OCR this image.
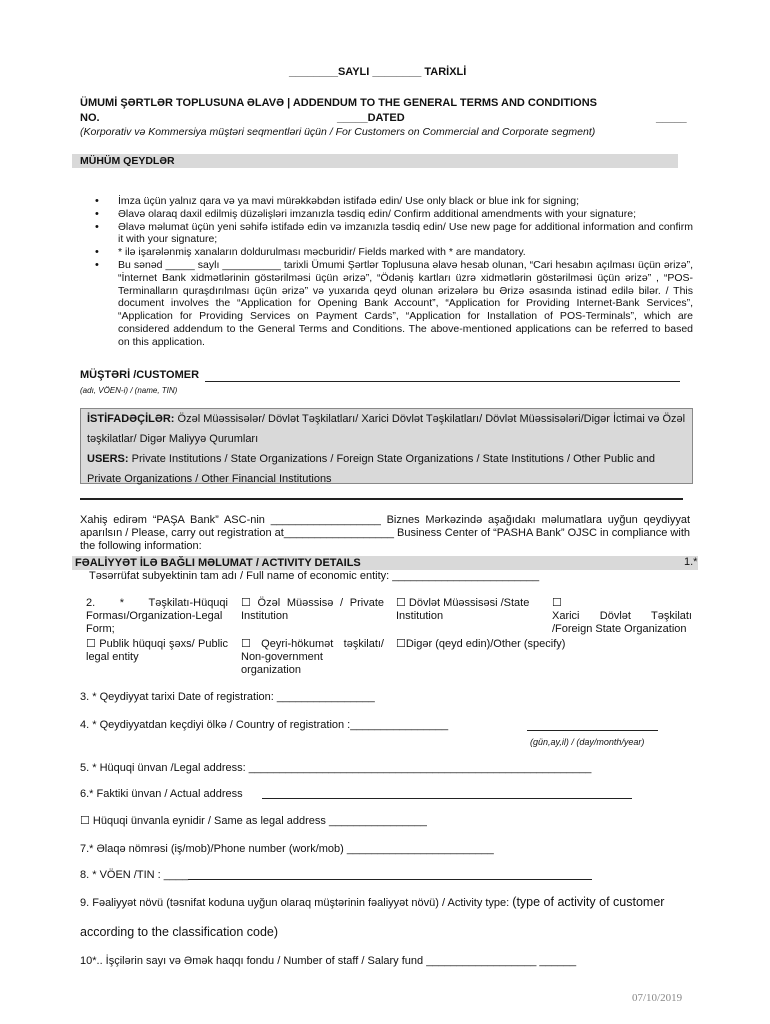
________SAYLI ________ TARİXLİ
ÜMUMİ ŞƏRTLƏR TOPLUSUNA ƏLAVƏ | ADDENDUM TO THE GENERAL TERMS AND CONDITIONS
NO.	_____DATED	_____
(Korporativ və Kommersiya müştəri seqmentləri üçün / For Customers on Commercial and Corporate segment)
MÜHÜM QEYDLƏR
• İmza üçün yalnız qara və ya mavi mürəkkəbdən istifadə edin/ Use only black or blue ink for signing;
• Əlavə olaraq daxil edilmiş düzəlişləri imzanızla təsdiq edin/ Confirm additional amendments with your signature;
• Əlavə məlumat üçün yeni səhifə istifadə edin və imzanızla təsdiq edin/ Use new page for additional information and confirm it with your signature;
• * ilə işarələnmiş xanaların doldurulması məcburidir/ Fields marked with * are mandatory.
• Bu sənəd _____ saylı __________ tarixli Ümumi Şərtlər Toplusuna əlavə hesab olunan, “Cari hesabın açılması üçün ərizə”, “İnternet Bank xidmətlərinin göstərilməsi üçün ərizə”, “Ödəniş kartları üzrə xidmətlərin göstərilməsi üçün ərizə” , “POS-Terminalların quraşdırılması üçün ərizə” və yuxarıda qeyd olunan ərizələrə bu Ərizə əsasında istinad edilə bilər. / This document involves the “Application for Opening Bank Account”, “Application for Providing Internet-Bank Services”, “Application for Providing Services on Payment Cards”, “Application for Installation of POS-Terminals”, which are considered addendum to the General Terms and Conditions. The above-mentioned applications can be referred to based on this application.
MÜŞTƏRİ /CUSTOMER
(adı, VÖEN-i) / (name, TIN)

İSTİFADƏÇİLƏR: Özəl Müəssisələr/ Dövlət Təşkilatları/ Xarici Dövlət Təşkilatları/ Dövlət Müəssisələri/Digər İctimai və Özəl təşkilatlar/ Digər Maliyyə Qurumları

USERS: Private Institutions / State Organizations / Foreign State Organizations / State Institutions / Other Public and Private Organizations / Other Financial Institutions

Xahiş edirəm “PAŞA Bank” ASC-nin __________________ Biznes Mərkəzində aşağıdakı məlumatlara uyğun qeydiyyat aparılsın / Please, carry out registration at__________________ Business Center of “PASHA Bank” OJSC in compliance with the following information:
FƏALİYYƏT İLƏ BAĞLI MƏLUMAT / ACTIVITY DETAILS	1.*
Təsərrüfat subyektinin tam adı / Full name of economic entity: ________________________
2. * Təşkilatı-Hüquqi Forması/Organization-Legal Form;
☐ Özəl Müəssisə / Private Institution
☐ Dövlət Müəssisəsi /State Institution
☐
Xarici Dövlət Təşkilatı /Foreign State Organization
☐ Publik hüquqi şəxs/ Public legal entity
☐ Qeyri-hökumət təşkilatı/ Non-government organization
☐Digər (qeyd edin)/Other (specify)
3. * Qeydiyyat tarixi Date of registration: ________________
4. * Qeydiyyatdan keçdiyi ölkə / Country of registration :________________
(gün,ay,il) / (day/month/year)
5. * Hüquqi ünvan /Legal address: ________________________________________________________
6.* Faktiki ünvan / Actual address
☐ Hüquqi ünvanla eynidir / Same as legal address ________________
7.* Əlaqə nömrəsi (iş/mob)/Phone number (work/mob) ________________________
8. * VÖEN /TIN : ____
9. Fəaliyyət növü (təsnifat koduna uyğun olaraq müştərinin fəaliyyət növü) / Activity type: (type of activity of customer
according to the classification code)
10*.. İşçilərin sayı və Əmək haqqı fondu / Number of staff / Salary fund __________________ ______
07/10/2019
